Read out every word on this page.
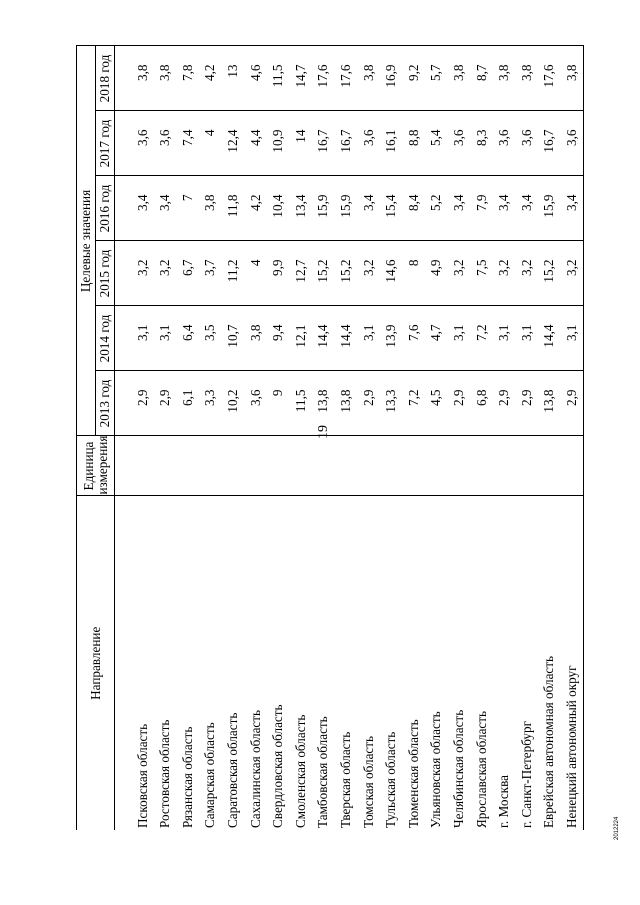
19
2012224
Направление	Единица измерения	Целевые значения					
		2013 год	2014 год	2015 год	2016 год	2017 год	2018 год

Псковская область		2,9	3,1	3,2	3,4	3,6	3,8
Ростовская область		2,9	3,1	3,2	3,4	3,6	3,8
Рязанская область		6,1	6,4	6,7	7	7,4	7,8
Самарская область		3,3	3,5	3,7	3,8	4	4,2
Саратовская область		10,2	10,7	11,2	11,8	12,4	13
Сахалинская область		3,6	3,8	4	4,2	4,4	4,6
Свердловская область		9	9,4	9,9	10,4	10,9	11,5
Смоленская область		11,5	12,1	12,7	13,4	14	14,7
Тамбовская область		13,8	14,4	15,2	15,9	16,7	17,6
Тверская область		13,8	14,4	15,2	15,9	16,7	17,6
Томская область		2,9	3,1	3,2	3,4	3,6	3,8
Тульская область		13,3	13,9	14,6	15,4	16,1	16,9
Тюменская область		7,2	7,6	8	8,4	8,8	9,2
Ульяновская область		4,5	4,7	4,9	5,2	5,4	5,7
Челябинская область		2,9	3,1	3,2	3,4	3,6	3,8
Ярославская область		6,8	7,2	7,5	7,9	8,3	8,7
г. Москва		2,9	3,1	3,2	3,4	3,6	3,8
г. Санкт-Петербург		2,9	3,1	3,2	3,4	3,6	3,8
Еврейская автономная область		13,8	14,4	15,2	15,9	16,7	17,6
Ненецкий автономный округ		2,9	3,1	3,2	3,4	3,6	3,8
